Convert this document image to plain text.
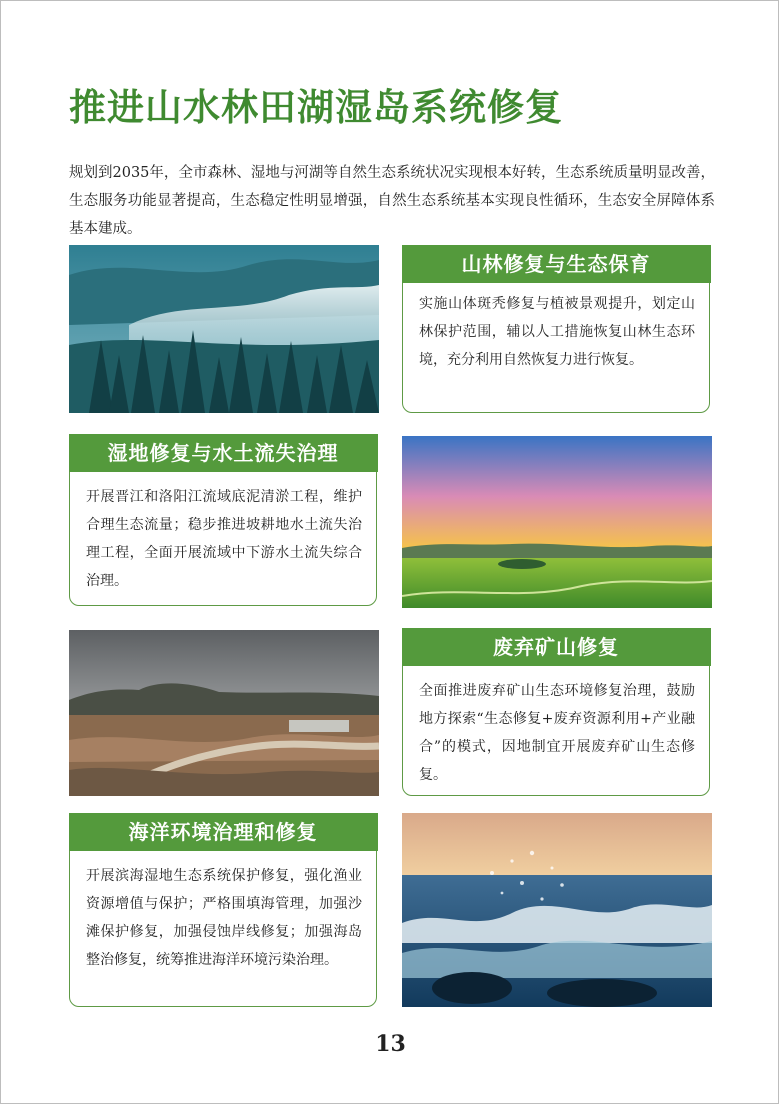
推进山水林田湖湿岛系统修复
规划到2035年，全市森林、湿地与河湖等自然生态系统状况实现根本好转，生态系统质量明显改善，生态服务功能显著提高，生态稳定性明显增强，自然生态系统基本实现良性循环，生态安全屏障体系基本建成。
山林修复与生态保育
实施山体斑秃修复与植被景观提升，划定山林保护范围，辅以人工措施恢复山林生态环境，充分利用自然恢复力进行恢复。
湿地修复与水土流失治理
开展晋江和洛阳江流域底泥清淤工程，维护合理生态流量；稳步推进坡耕地水土流失治理工程，全面开展流域中下游水土流失综合治理。
废弃矿山修复
全面推进废弃矿山生态环境修复治理，鼓励地方探索“生态修复+废弃资源利用+产业融合”的模式，因地制宜开展废弃矿山生态修复。
海洋环境治理和修复
开展滨海湿地生态系统保护修复，强化渔业资源增值与保护；严格围填海管理，加强沙滩保护修复，加强侵蚀岸线修复；加强海岛整治修复，统筹推进海洋环境污染治理。
13
